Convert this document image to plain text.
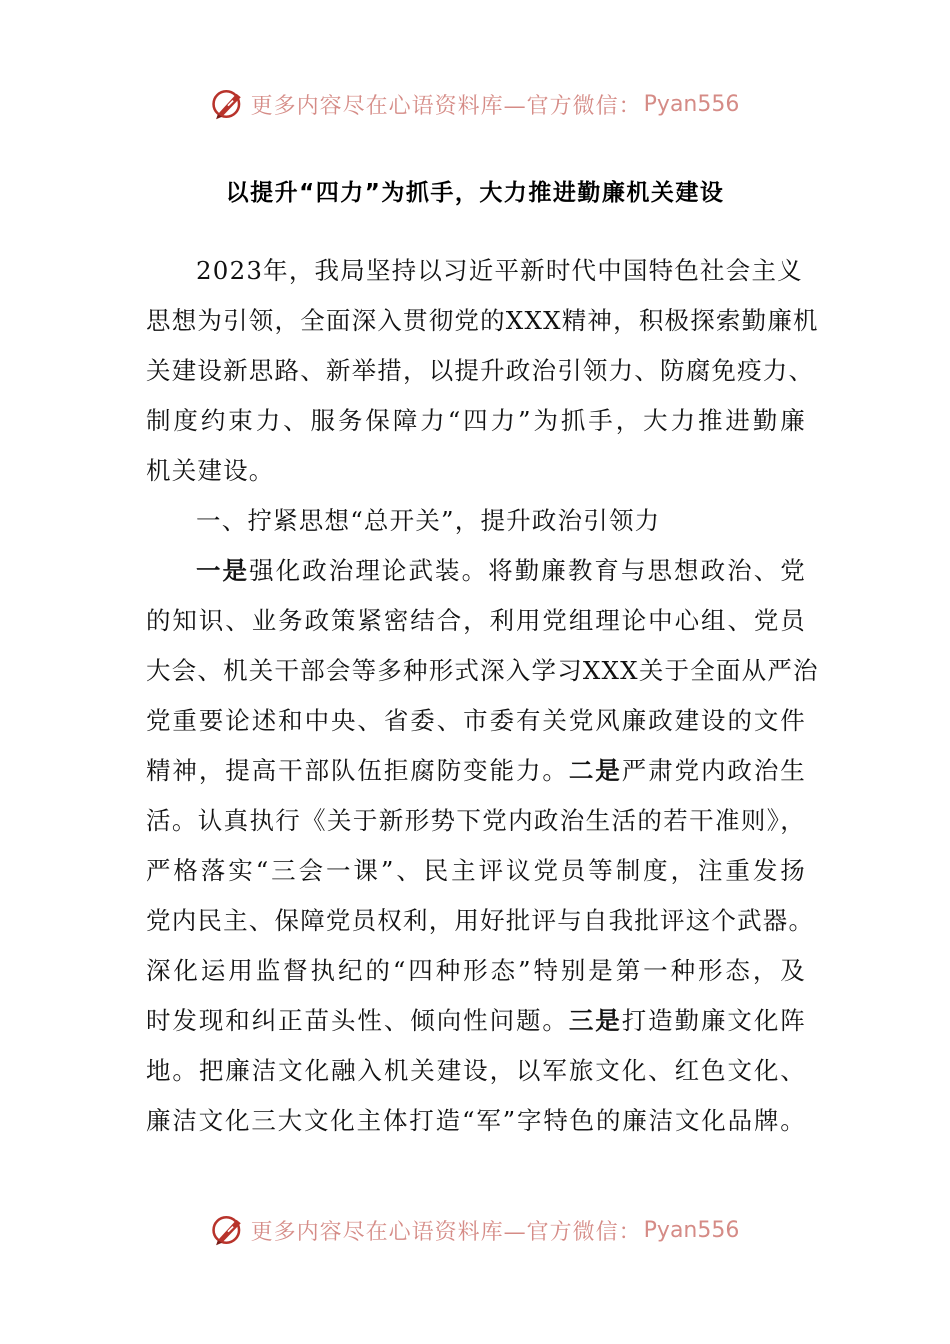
更多内容尽在心语资料库—官方微信： Pyan556
以提升“四力”为抓手，大力推进勤廉机关建设
2023年，我局坚持以习近平新时代中国特色社会主义
思想为引领，全面深入贯彻党的XXX精神，积极探索勤廉机
关建设新思路、新举措，以提升政治引领力、防腐免疫力、
制度约束力、服务保障力“四力”为抓手，大力推进勤廉
机关建设。
一、拧紧思想“总开关”，提升政治引领力
一是强化政治理论武装。将勤廉教育与思想政治、党
的知识、业务政策紧密结合，利用党组理论中心组、党员
大会、机关干部会等多种形式深入学习XXX关于全面从严治
党重要论述和中央、省委、市委有关党风廉政建设的文件
精神，提高干部队伍拒腐防变能力。二是严肃党内政治生
活。认真执行《关于新形势下党内政治生活的若干准则》，
严格落实“三会一课”、民主评议党员等制度，注重发扬
党内民主、保障党员权利，用好批评与自我批评这个武器。
深化运用监督执纪的“四种形态”特别是第一种形态，及
时发现和纠正苗头性、倾向性问题。三是打造勤廉文化阵
地。把廉洁文化融入机关建设，以军旅文化、红色文化、
廉洁文化三大文化主体打造“军”字特色的廉洁文化品牌。
更多内容尽在心语资料库—官方微信： Pyan556
